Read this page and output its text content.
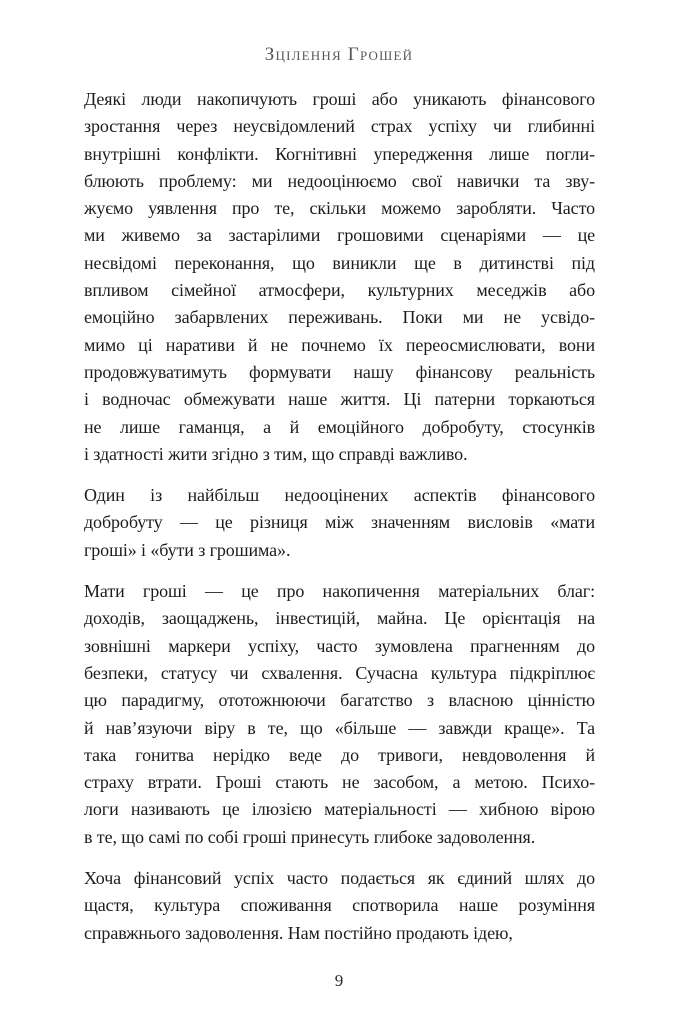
Зцілення Грошей
Деякі люди накопичують гроші або уникають фінансового
зростання через неусвідомлений страх успіху чи глибинні
внутрішні конфлікти. Когнітивні упередження лише погли-
блюють проблему: ми недооцінюємо свої навички та зву-
жуємо уявлення про те, скільки можемо заробляти. Часто
ми живемо за застарілими грошовими сценаріями — це
несвідомі переконання, що виникли ще в дитинстві під
впливом сімейної атмосфери, культурних меседжів або
емоційно забарвлених переживань. Поки ми не усвідо-
мимо ці наративи й не почнемо їх переосмислювати, вони
продовжуватимуть формувати нашу фінансову реальність
і водночас обмежувати наше життя. Ці патерни торкаються
не лише гаманця, а й емоційного добробуту, стосунків
і здатності жити згідно з тим, що справді важливо.
Один із найбільш недооцінених аспектів фінансового
добробуту — це різниця між значенням висловів «мати
гроші» і «бути з грошима».
Мати гроші — це про накопичення матеріальних благ:
доходів, заощаджень, інвестицій, майна. Це орієнтація на
зовнішні маркери успіху, часто зумовлена прагненням до
безпеки, статусу чи схвалення. Сучасна культура підкріплює
цю парадигму, ототожнюючи багатство з власною цінністю
й нав’язуючи віру в те, що «більше — завжди краще». Та
така гонитва нерідко веде до тривоги, невдоволення й
страху втрати. Гроші стають не засобом, а метою. Психо-
логи називають це ілюзією матеріальності — хибною вірою
в те, що самі по собі гроші принесуть глибоке задоволення.
Хоча фінансовий успіх часто подається як єдиний шлях до
щастя, культура споживання спотворила наше розуміння
справжнього задоволення. Нам постійно продають ідею,
9
